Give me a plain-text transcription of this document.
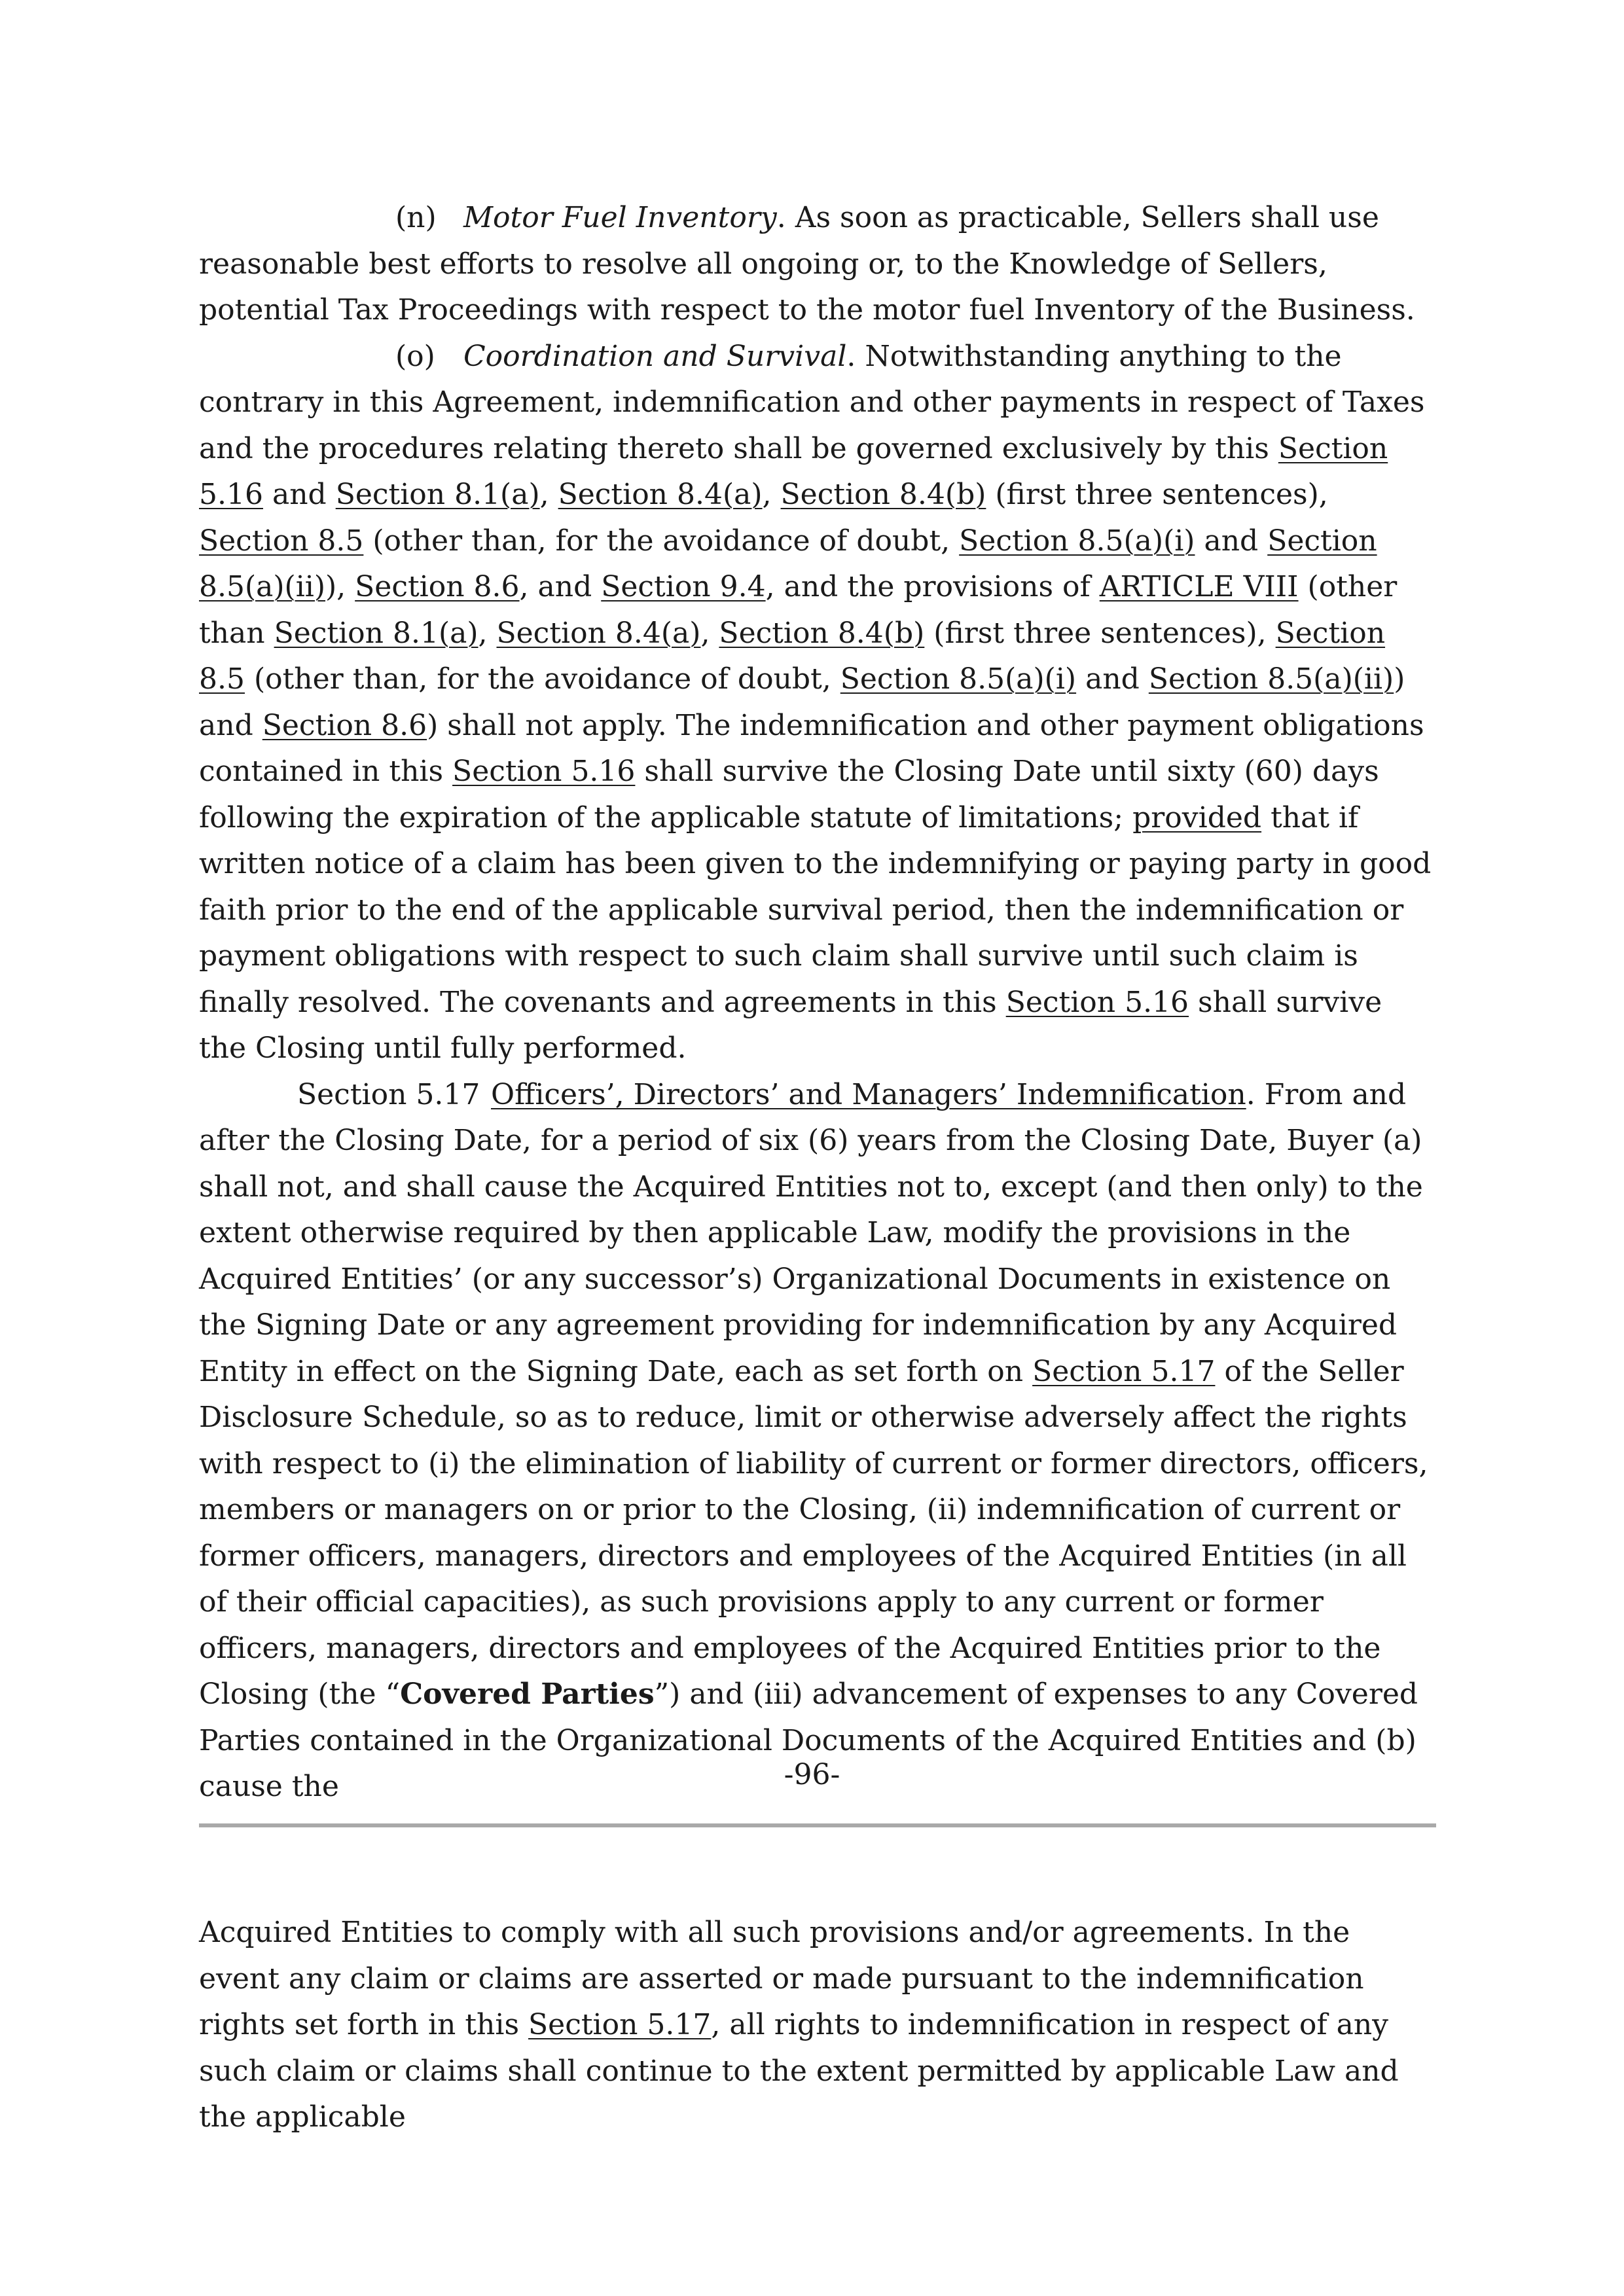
(n) Motor Fuel Inventory. As soon as practicable, Sellers shall use reasonable best efforts to resolve all ongoing or, to the Knowledge of Sellers, potential Tax Proceedings with respect to the motor fuel Inventory of the Business.

(o) Coordination and Survival. Notwithstanding anything to the contrary in this Agreement, indemnification and other payments in respect of Taxes and the procedures relating thereto shall be governed exclusively by this Section 5.16 and Section 8.1(a), Section 8.4(a), Section 8.4(b) (first three sentences), Section 8.5 (other than, for the avoidance of doubt, Section 8.5(a)(i) and Section 8.5(a)(ii)), Section 8.6, and Section 9.4, and the provisions of ARTICLE VIII (other than Section 8.1(a), Section 8.4(a), Section 8.4(b) (first three sentences), Section 8.5 (other than, for the avoidance of doubt, Section 8.5(a)(i) and Section 8.5(a)(ii)) and Section 8.6) shall not apply. The indemnification and other payment obligations contained in this Section 5.16 shall survive the Closing Date until sixty (60) days following the expiration of the applicable statute of limitations; provided that if written notice of a claim has been given to the indemnifying or paying party in good faith prior to the end of the applicable survival period, then the indemnification or payment obligations with respect to such claim shall survive until such claim is finally resolved. The covenants and agreements in this Section 5.16 shall survive the Closing until fully performed.

Section 5.17 Officers’, Directors’ and Managers’ Indemnification. From and after the Closing Date, for a period of six (6) years from the Closing Date, Buyer (a) shall not, and shall cause the Acquired Entities not to, except (and then only) to the extent otherwise required by then applicable Law, modify the provisions in the Acquired Entities’ (or any successor’s) Organizational Documents in existence on the Signing Date or any agreement providing for indemnification by any Acquired Entity in effect on the Signing Date, each as set forth on Section 5.17 of the Seller Disclosure Schedule, so as to reduce, limit or otherwise adversely affect the rights with respect to (i) the elimination of liability of current or former directors, officers, members or managers on or prior to the Closing, (ii) indemnification of current or former officers, managers, directors and employees of the Acquired Entities (in all of their official capacities), as such provisions apply to any current or former officers, managers, directors and employees of the Acquired Entities prior to the Closing (the “Covered Parties”) and (iii) advancement of expenses to any Covered Parties contained in the Organizational Documents of the Acquired Entities and (b) cause the	-96-

Acquired Entities to comply with all such provisions and/or agreements. In the event any claim or claims are asserted or made pursuant to the indemnification rights set forth in this Section 5.17, all rights to indemnification in respect of any such claim or claims shall continue to the extent permitted by applicable Law and the applicable
